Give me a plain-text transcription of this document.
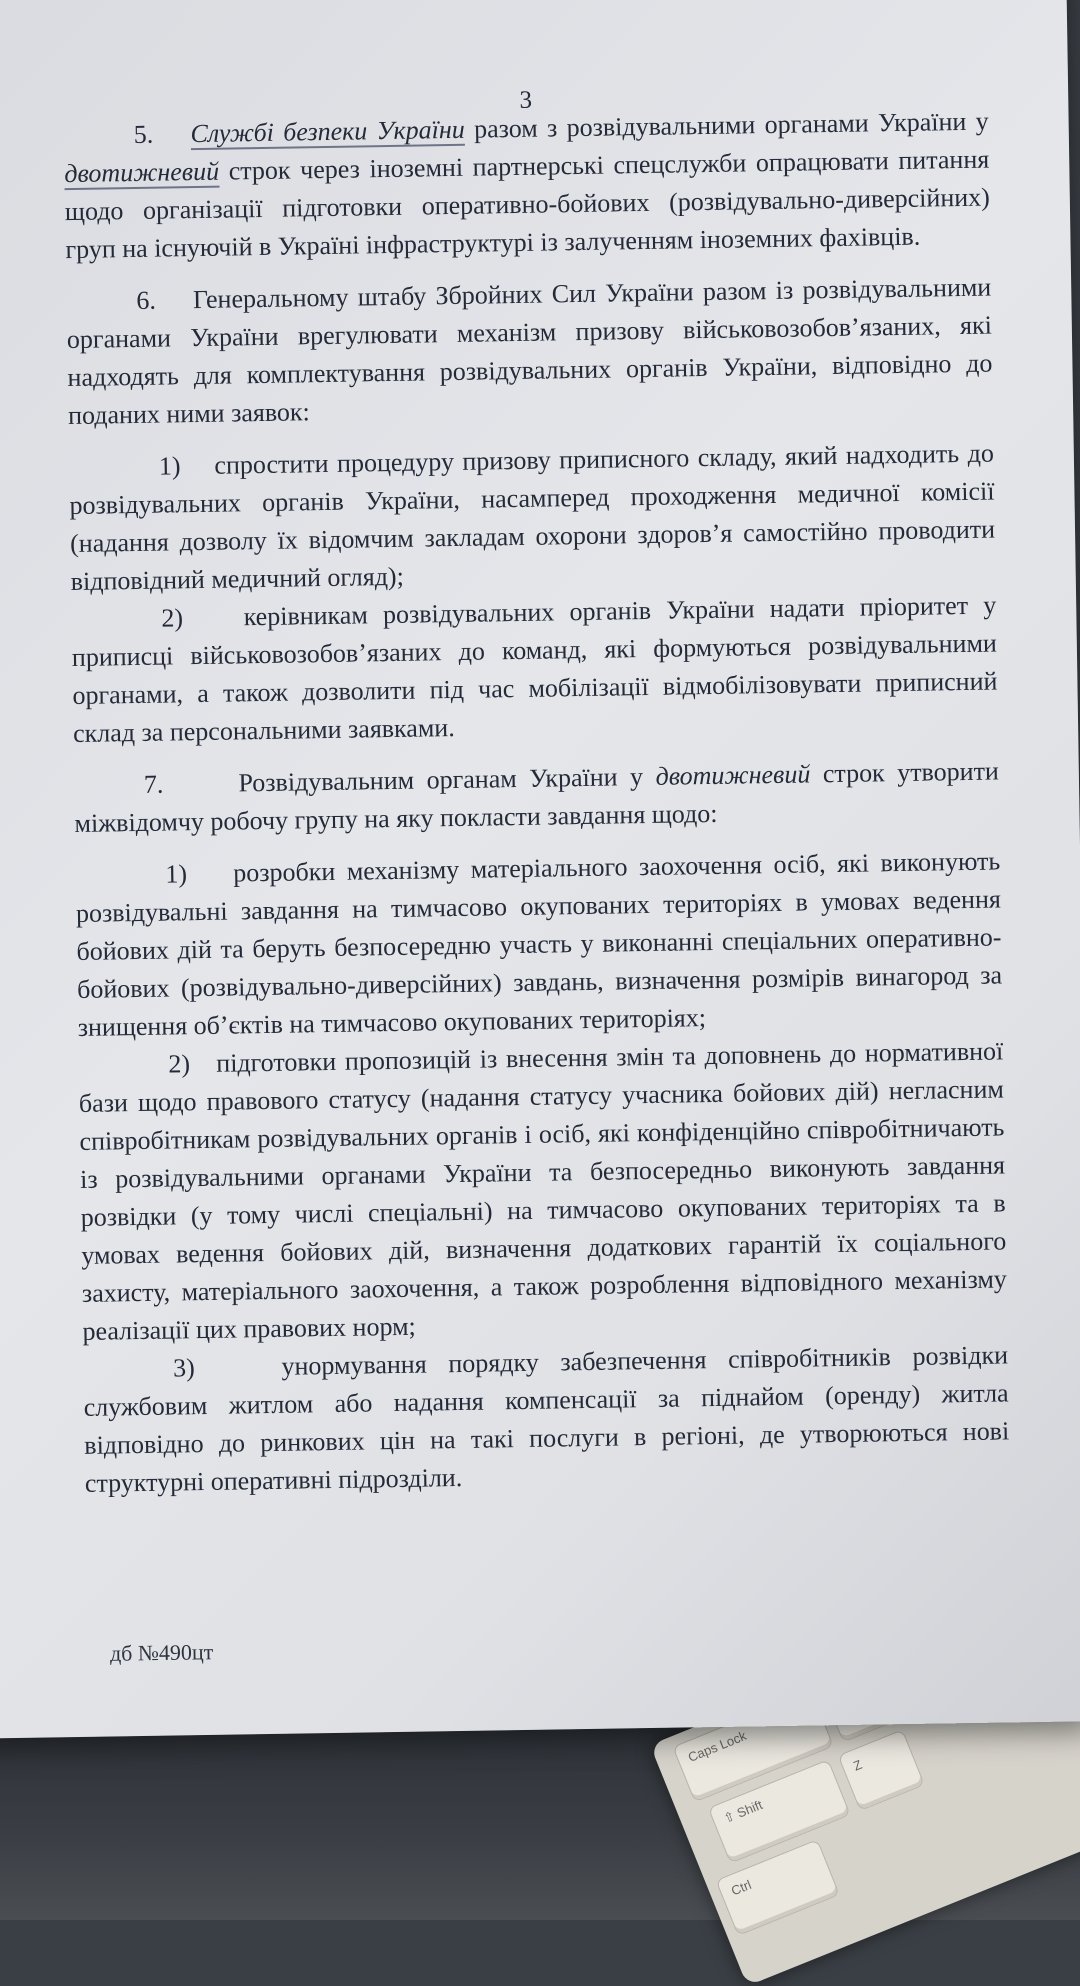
Caps Lock
⇧ Shift
Ctrl
Z
3

5. Службі безпеки України разом з розвідувальними органами України у двотижневий строк через іноземні партнерські спецслужби опрацювати питання щодо організації підготовки оперативно-бойових (розвідувально-диверсійних) груп на існуючій в Україні інфраструктурі із залученням іноземних фахівців.

6. Генеральному штабу Збройних Сил України разом із розвідувальними органами України врегулювати механізм призову військовозобов’язаних, які надходять для комплектування розвідувальних органів України, відповідно до поданих ними заявок:

1) спростити процедуру призову приписного складу, який надходить до розвідувальних органів України, насамперед проходження медичної комісії (надання дозволу їх відомчим закладам охорони здоров’я самостійно проводити відповідний медичний огляд);

2) керівникам розвідувальних органів України надати пріоритет у приписці військовозобов’язаних до команд, які формуються розвідувальними органами, а також дозволити під час мобілізації відмобілізовувати приписний склад за персональними заявками.

7.	Розвідувальним органам України у двотижневий строк утворити міжвідомчу робочу групу на яку покласти завдання щодо:

1) розробки механізму матеріального заохочення осіб, які виконують розвідувальні завдання на тимчасово окупованих територіях в умовах ведення бойових дій та беруть безпосередню участь у виконанні спеціальних оперативно-бойових (розвідувально-диверсійних) завдань, визначення розмірів винагород за знищення об’єктів на тимчасово окупованих територіях;

2) підготовки пропозицій із внесення змін та доповнень до нормативної бази щодо правового статусу (надання статусу учасника бойових дій) негласним співробітникам розвідувальних органів і осіб, які конфіденційно співробітничають із розвідувальними органами України та безпосередньо виконують завдання розвідки (у тому числі спеціальні) на тимчасово окупованих територіях та в умовах ведення бойових дій, визначення додаткових гарантій їх соціального захисту, матеріального заохочення, а також розроблення відповідного механізму реалізації цих правових норм;

3)	унормування порядку забезпечення співробітників розвідки службовим житлом або надання компенсації за піднайом (оренду) житла відповідно до ринкових цін на такі послуги в регіоні, де утворюються нові структурні оперативні підрозділи.

дб №490цт
